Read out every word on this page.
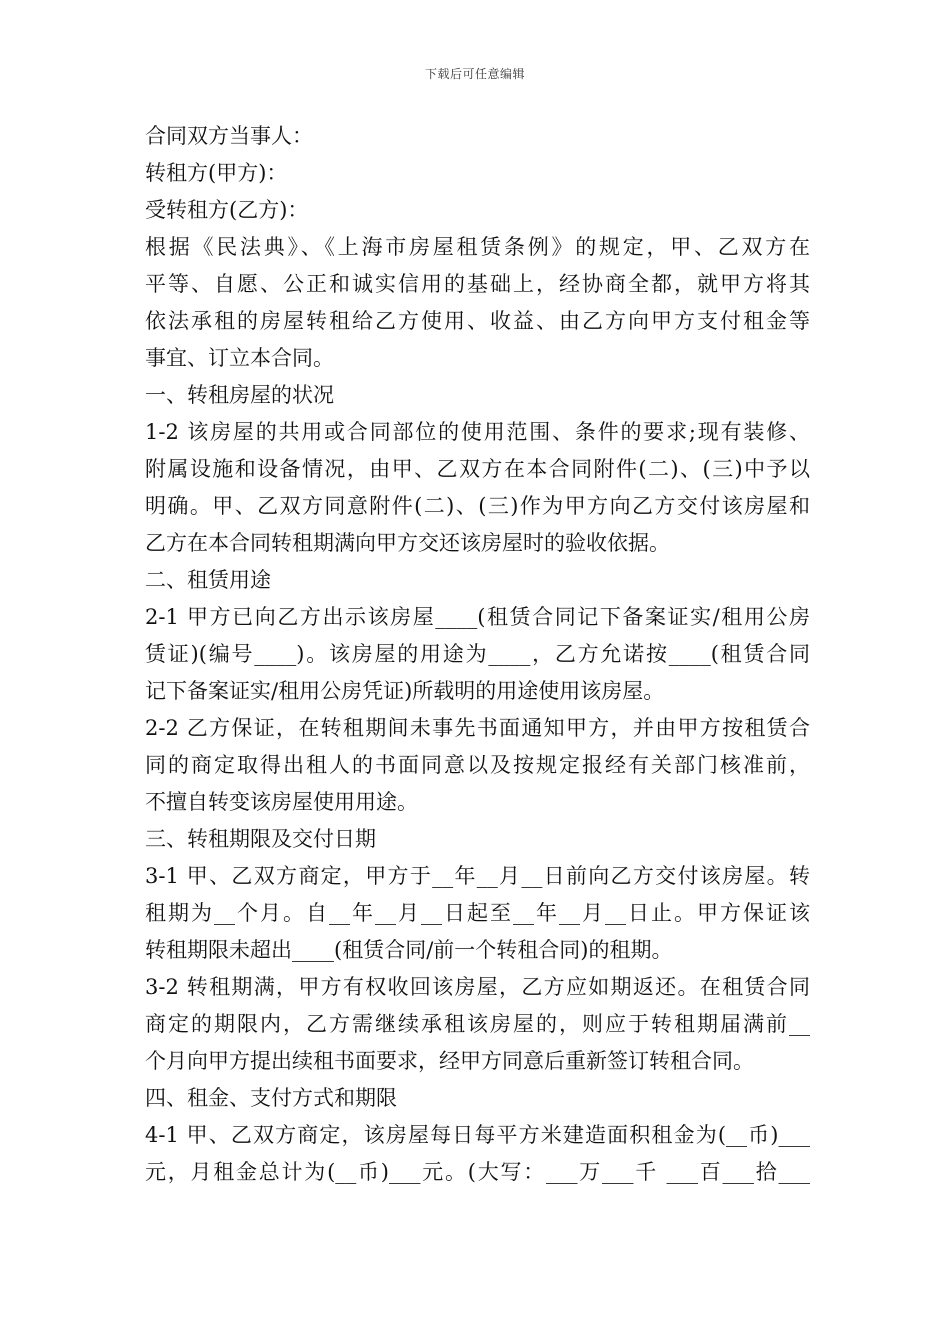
下载后可任意编辑
合同双方当事人：
转租方(甲方)：
受转租方(乙方)：
根据《民法典》、《上海市房屋租赁条例》的规定，甲、乙双方在
平等、自愿、公正和诚实信用的基础上，经协商全都，就甲方将其
依法承租的房屋转租给乙方使用、收益、由乙方向甲方支付租金等
事宜、订立本合同。
一、转租房屋的状况
1-2 该房屋的共用或合同部位的使用范围、条件的要求;现有装修、
附属设施和设备情况，由甲、乙双方在本合同附件(二)、(三)中予以
明确。甲、乙双方同意附件(二)、(三)作为甲方向乙方交付该房屋和
乙方在本合同转租期满向甲方交还该房屋时的验收依据。
二、租赁用途
2-1 甲方已向乙方出示该房屋____(租赁合同记下备案证实/租用公房
赁证)(编号____)。该房屋的用途为____，乙方允诺按____(租赁合同
记下备案证实/租用公房凭证)所载明的用途使用该房屋。
2-2 乙方保证，在转租期间未事先书面通知甲方，并由甲方按租赁合
同的商定取得出租人的书面同意以及按规定报经有关部门核准前，
不擅自转变该房屋使用用途。
三、转租期限及交付日期
3-1 甲、乙双方商定，甲方于__年__月__日前向乙方交付该房屋。转
租期为__个月。自__年__月__日起至__年__月__日止。甲方保证该
转租期限未超出____(租赁合同/前一个转租合同)的租期。
3-2 转租期满，甲方有权收回该房屋，乙方应如期返还。在租赁合同
商定的期限内，乙方需继续承租该房屋的，则应于转租期届满前__
个月向甲方提出续租书面要求，经甲方同意后重新签订转租合同。
四、租金、支付方式和期限
4-1 甲、乙双方商定，该房屋每日每平方米建造面积租金为(__币)___
元，月租金总计为(__币)___元。(大写：___万___千 ___百___拾___
